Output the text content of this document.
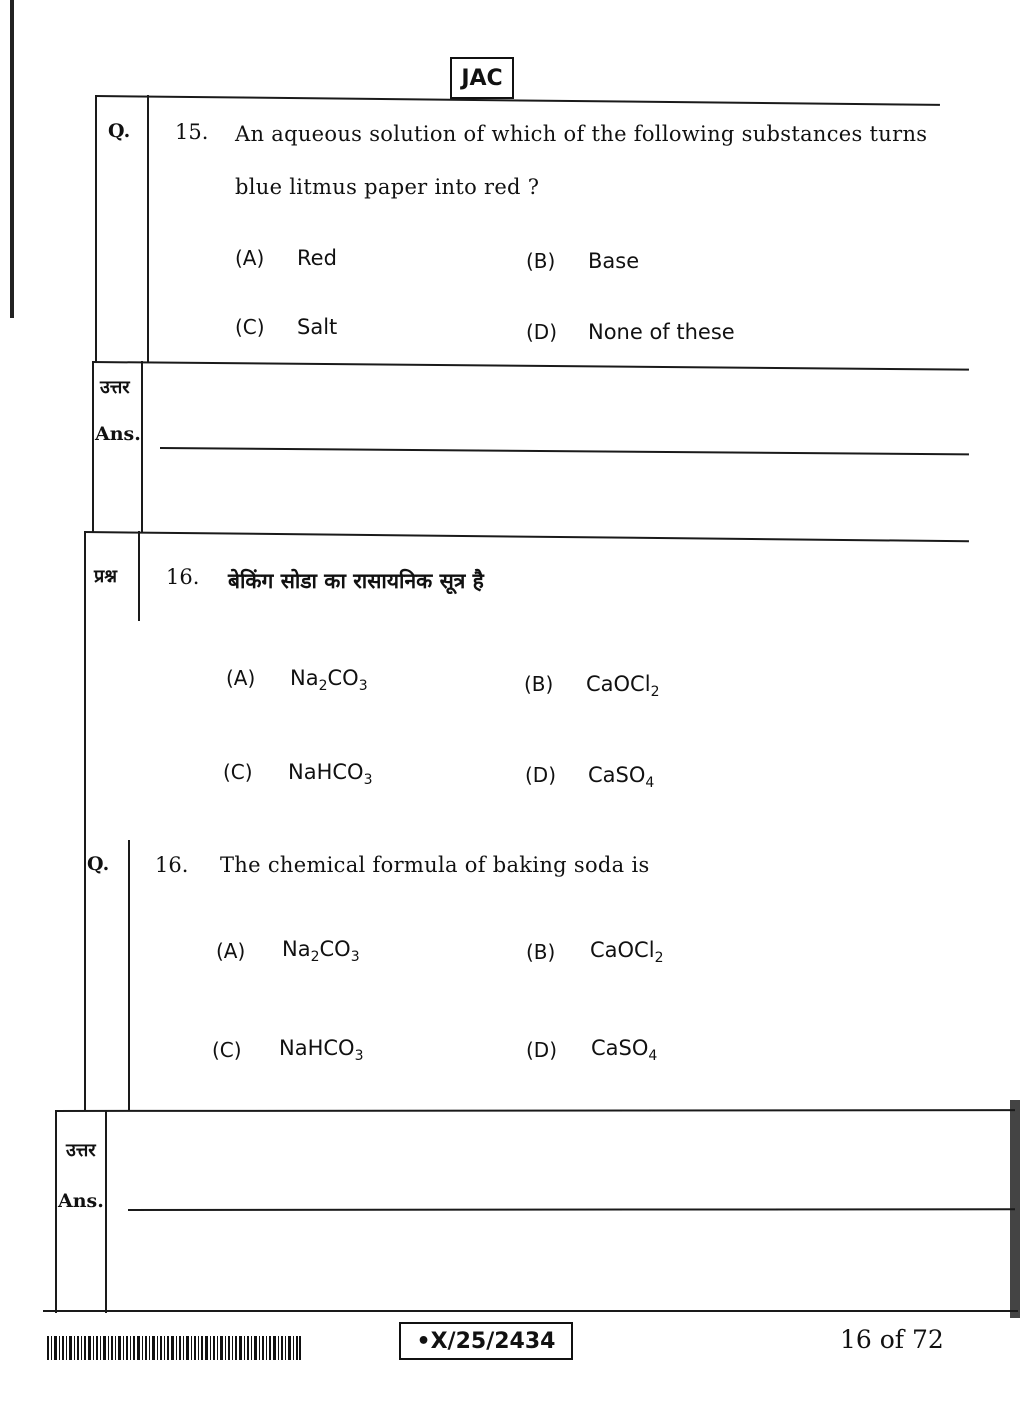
JAC
Q. 15. An aqueous solution of which of the following substances turns
blue litmus paper into red ?
(A) Red	(B) Base
(C) Salt	(D) None of these
उत्तर
Ans.
प्रश्न 16. बेकिंग सोडा का रासायनिक सूत्र है
(A) $Na_2CO_3$	(B) CaOCl$_2$
(C) NaHCO$_3$	(D) CaSO$_4$
Q. 16. The chemical formula of baking soda is
(A) $Na_2CO_3$	(B) CaOCl$_2$
(C) NaHCO$_3$	(D) CaSO$_4$
उत्तर
Ans.
•X/25/2434	16 of 72
